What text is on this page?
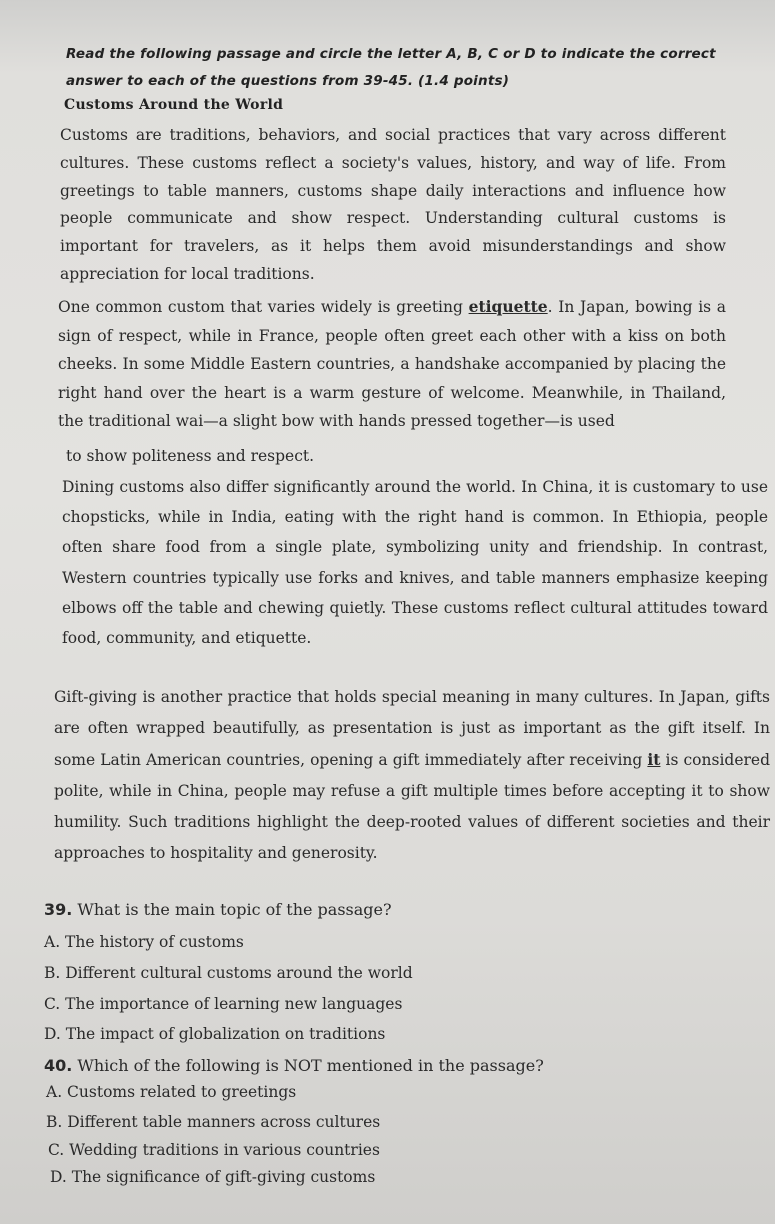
Read the following passage and circle the letter A, B, C or D to indicate the correct answer to each of the questions from 39-45. (1.4 points)
Customs Around the World

Customs are traditions, behaviors, and social practices that vary across different cultures. These customs reflect a society's values, history, and way of life. From greetings to table manners, customs shape daily interactions and influence how people communicate and show respect. Understanding cultural customs is important for travelers, as it helps them avoid misunderstandings and show appreciation for local traditions.

One common custom that varies widely is greeting etiquette. In Japan, bowing is a sign of respect, while in France, people often greet each other with a kiss on both cheeks. In some Middle Eastern countries, a handshake accompanied by placing the right hand over the heart is a warm gesture of welcome. Meanwhile, in Thailand, the traditional wai—a slight bow with hands pressed together—is used

to show politeness and respect.

Dining customs also differ significantly around the world. In China, it is customary to use chopsticks, while in India, eating with the right hand is common. In Ethiopia, people often share food from a single plate, symbolizing unity and friendship. In contrast, Western countries typically use forks and knives, and table manners emphasize keeping elbows off the table and chewing quietly. These customs reflect cultural attitudes toward food, community, and etiquette.

Gift-giving is another practice that holds special meaning in many cultures. In Japan, gifts are often wrapped beautifully, as presentation is just as important as the gift itself. In some Latin American countries, opening a gift immediately after receiving it is considered polite, while in China, people may refuse a gift multiple times before accepting it to show humility. Such traditions highlight the deep-rooted values of different societies and their approaches to hospitality and generosity.

39. What is the main topic of the passage?
A. The history of customs
B. Different cultural customs around the world
C. The importance of learning new languages
D. The impact of globalization on traditions
40. Which of the following is NOT mentioned in the passage?
A. Customs related to greetings
B. Different table manners across cultures
C. Wedding traditions in various countries
D. The significance of gift-giving customs
